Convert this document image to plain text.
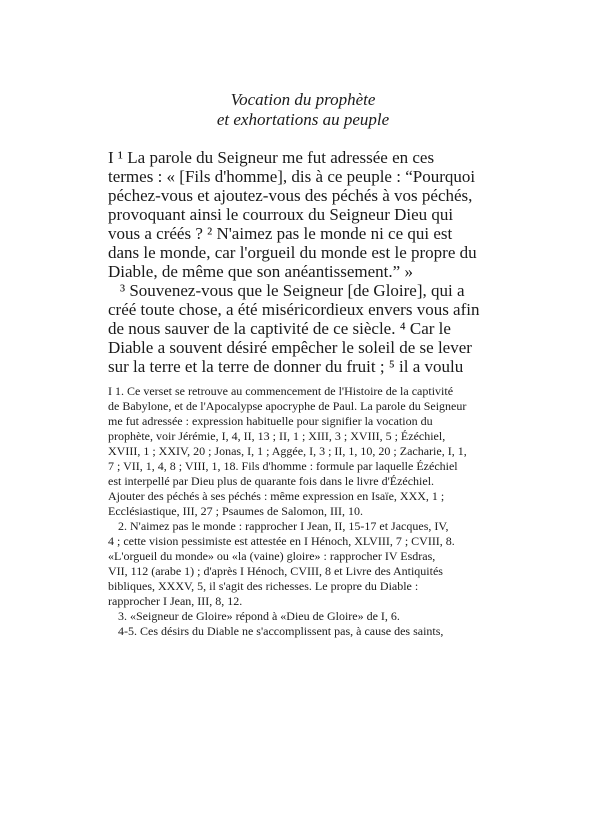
Vocation du prophète
et exhortations au peuple
I ¹ La parole du Seigneur me fut adressée en ces
termes : « [Fils d'homme], dis à ce peuple : “Pourquoi
péchez-vous et ajoutez-vous des péchés à vos péchés,
provoquant ainsi le courroux du Seigneur Dieu qui
vous a créés ? ² N'aimez pas le monde ni ce qui est
dans le monde, car l'orgueil du monde est le propre du
Diable, de même que son anéantissement.” »
³ Souvenez-vous que le Seigneur [de Gloire], qui a
créé toute chose, a été miséricordieux envers vous afin
de nous sauver de la captivité de ce siècle. ⁴ Car le
Diable a souvent désiré empêcher le soleil de se lever
sur la terre et la terre de donner du fruit ; ⁵ il a voulu
I 1. Ce verset se retrouve au commencement de l'Histoire de la captivité
de Babylone, et de l'Apocalypse apocryphe de Paul. La parole du Seigneur
me fut adressée : expression habituelle pour signifier la vocation du
prophète, voir Jérémie, I, 4, II, 13 ; II, 1 ; XIII, 3 ; XVIII, 5 ; Ézéchiel,
XVIII, 1 ; XXIV, 20 ; Jonas, I, 1 ; Aggée, I, 3 ; II, 1, 10, 20 ; Zacharie, I, 1,
7 ; VII, 1, 4, 8 ; VIII, 1, 18. Fils d'homme : formule par laquelle Ézéchiel
est interpellé par Dieu plus de quarante fois dans le livre d'Ézéchiel.
Ajouter des péchés à ses péchés : même expression en Isaïe, XXX, 1 ;
Ecclésiastique, III, 27 ; Psaumes de Salomon, III, 10.
2. N'aimez pas le monde : rapprocher I Jean, II, 15-17 et Jacques, IV,
4 ; cette vision pessimiste est attestée en I Hénoch, XLVIII, 7 ; CVIII, 8.
«L'orgueil du monde» ou «la (vaine) gloire» : rapprocher IV Esdras,
VII, 112 (arabe 1) ; d'après I Hénoch, CVIII, 8 et Livre des Antiquités
bibliques, XXXV, 5, il s'agit des richesses. Le propre du Diable :
rapprocher I Jean, III, 8, 12.
3. «Seigneur de Gloire» répond à «Dieu de Gloire» de I, 6.
4-5. Ces désirs du Diable ne s'accomplissent pas, à cause des saints,
